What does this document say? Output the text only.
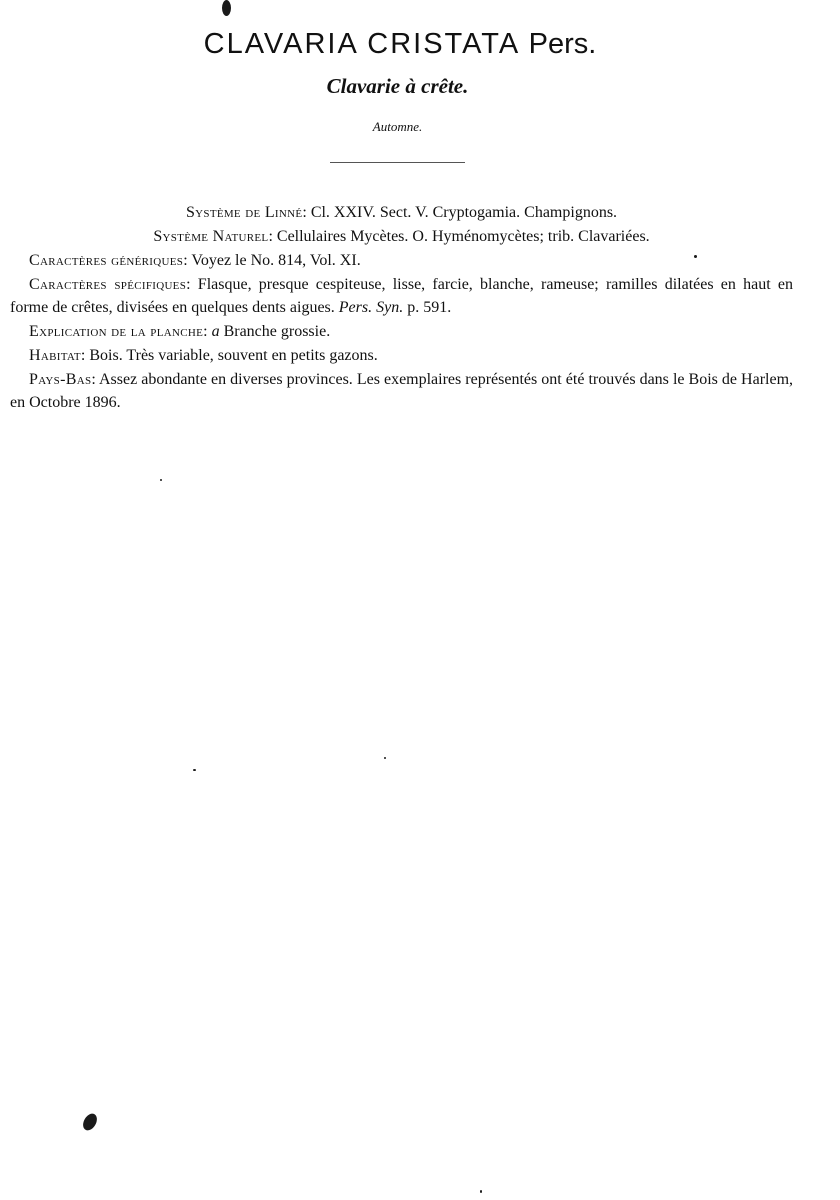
CLAVARIA CRISTATA Pers.
Clavarie à crête.
Automne.

Système de Linné: Cl. XXIV. Sect. V. Cryptogamia. Champignons.

Système Naturel: Cellulaires Mycètes. O. Hyménomycètes; trib. Clavariées.

Caractères génériques: Voyez le No. 814, Vol. XI.

Caractères spécifiques: Flasque, presque cespiteuse, lisse, farcie, blanche, rameuse; ramilles dilatées en haut en forme de crêtes, divisées en quelques dents aigues. Pers. Syn. p. 591.

Explication de la planche: a Branche grossie.

Habitat: Bois. Très variable, souvent en petits gazons.

Pays-Bas: Assez abondante en diverses provinces. Les exemplaires représentés ont été trouvés dans le Bois de Harlem, en Octobre 1896.
